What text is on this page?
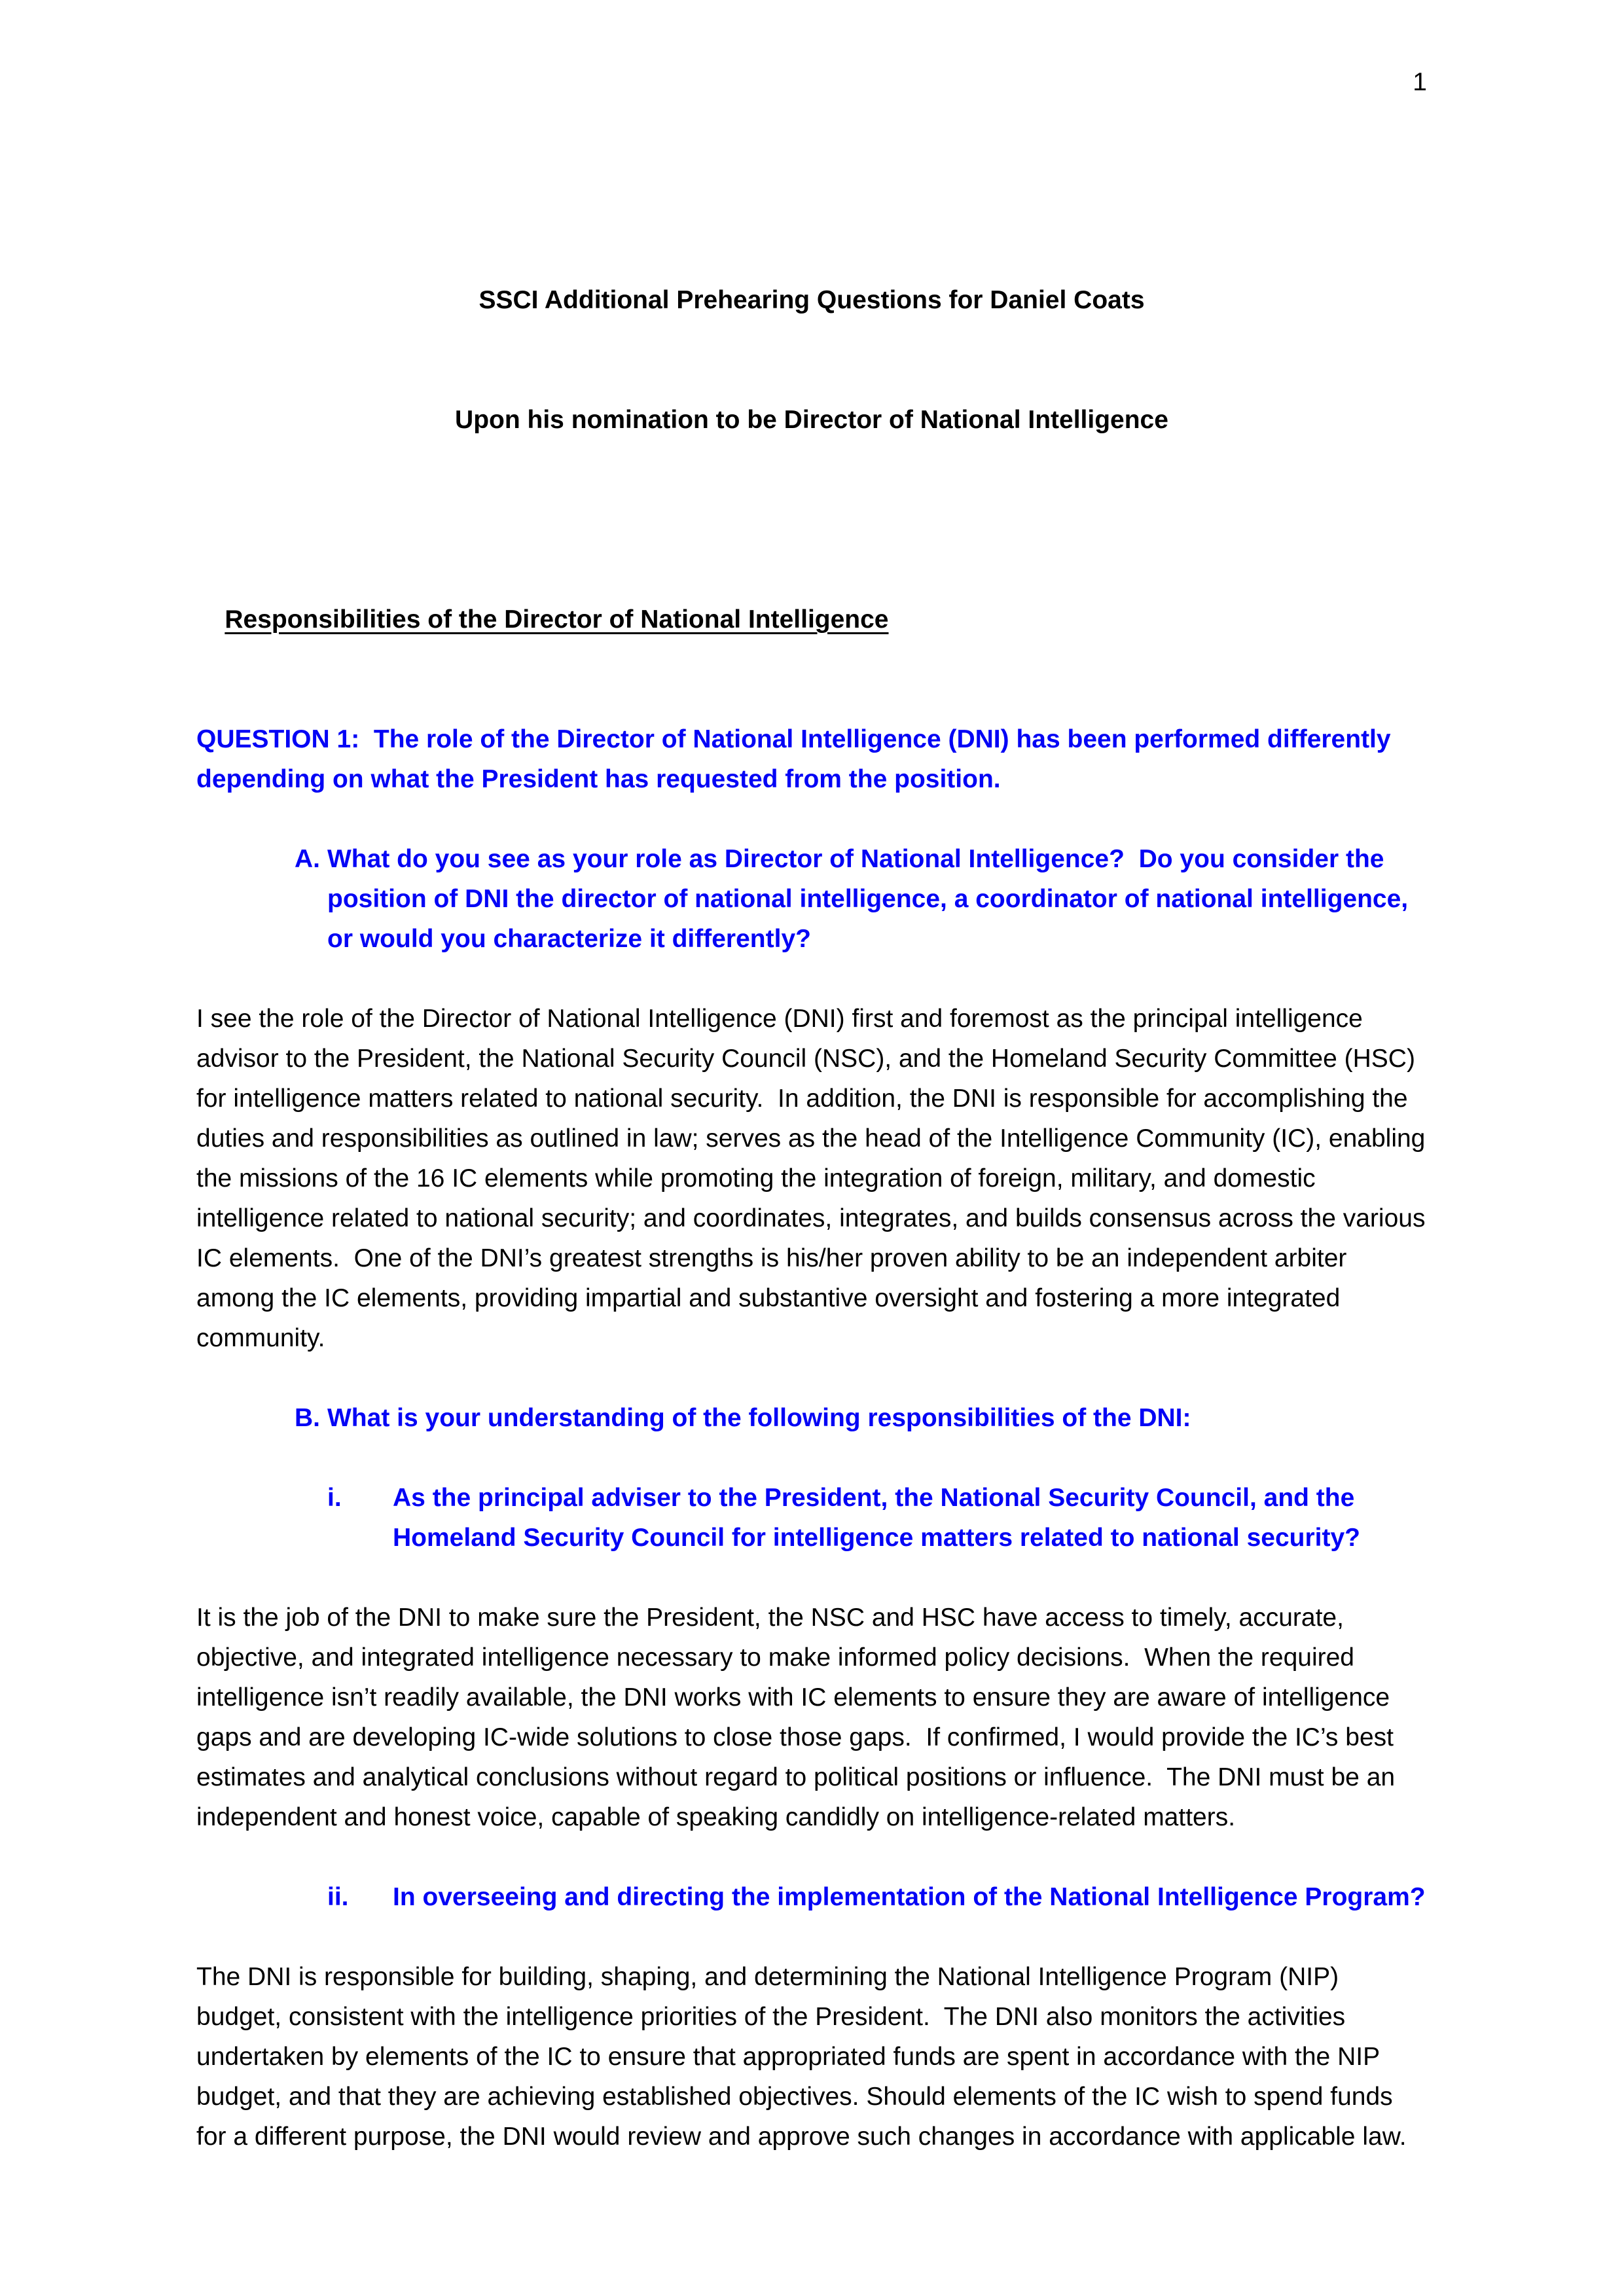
1

SSCI Additional Prehearing Questions for Daniel Coats

Upon his nomination to be Director of National Intelligence

Responsibilities of the Director of National Intelligence

QUESTION 1:  The role of the Director of National Intelligence (DNI) has been performed differently depending on what the President has requested from the position.
A. What do you see as your role as Director of National Intelligence?  Do you consider the position of DNI the director of national intelligence, a coordinator of national intelligence, or would you characterize it differently?
I see the role of the Director of National Intelligence (DNI) first and foremost as the principal intelligence advisor to the President, the National Security Council (NSC), and the Homeland Security Committee (HSC) for intelligence matters related to national security.  In addition, the DNI is responsible for accomplishing the duties and responsibilities as outlined in law; serves as the head of the Intelligence Community (IC), enabling the missions of the 16 IC elements while promoting the integration of foreign, military, and domestic intelligence related to national security; and coordinates, integrates, and builds consensus across the various IC elements.  One of the DNI’s greatest strengths is his/her proven ability to be an independent arbiter among the IC elements, providing impartial and substantive oversight and fostering a more integrated community.
B. What is your understanding of the following responsibilities of the DNI:
i.	As the principal adviser to the President, the National Security Council, and the Homeland Security Council for intelligence matters related to national security?
It is the job of the DNI to make sure the President, the NSC and HSC have access to timely, accurate, objective, and integrated intelligence necessary to make informed policy decisions.  When the required intelligence isn’t readily available, the DNI works with IC elements to ensure they are aware of intelligence gaps and are developing IC-wide solutions to close those gaps.  If confirmed, I would provide the IC’s best estimates and analytical conclusions without regard to political positions or influence.  The DNI must be an independent and honest voice, capable of speaking candidly on intelligence-related matters.
ii.	In overseeing and directing the implementation of the National Intelligence Program?
The DNI is responsible for building, shaping, and determining the National Intelligence Program (NIP) budget, consistent with the intelligence priorities of the President.  The DNI also monitors the activities undertaken by elements of the IC to ensure that appropriated funds are spent in accordance with the NIP budget, and that they are achieving established objectives. Should elements of the IC wish to spend funds for a different purpose, the DNI would review and approve such changes in accordance with applicable law.
